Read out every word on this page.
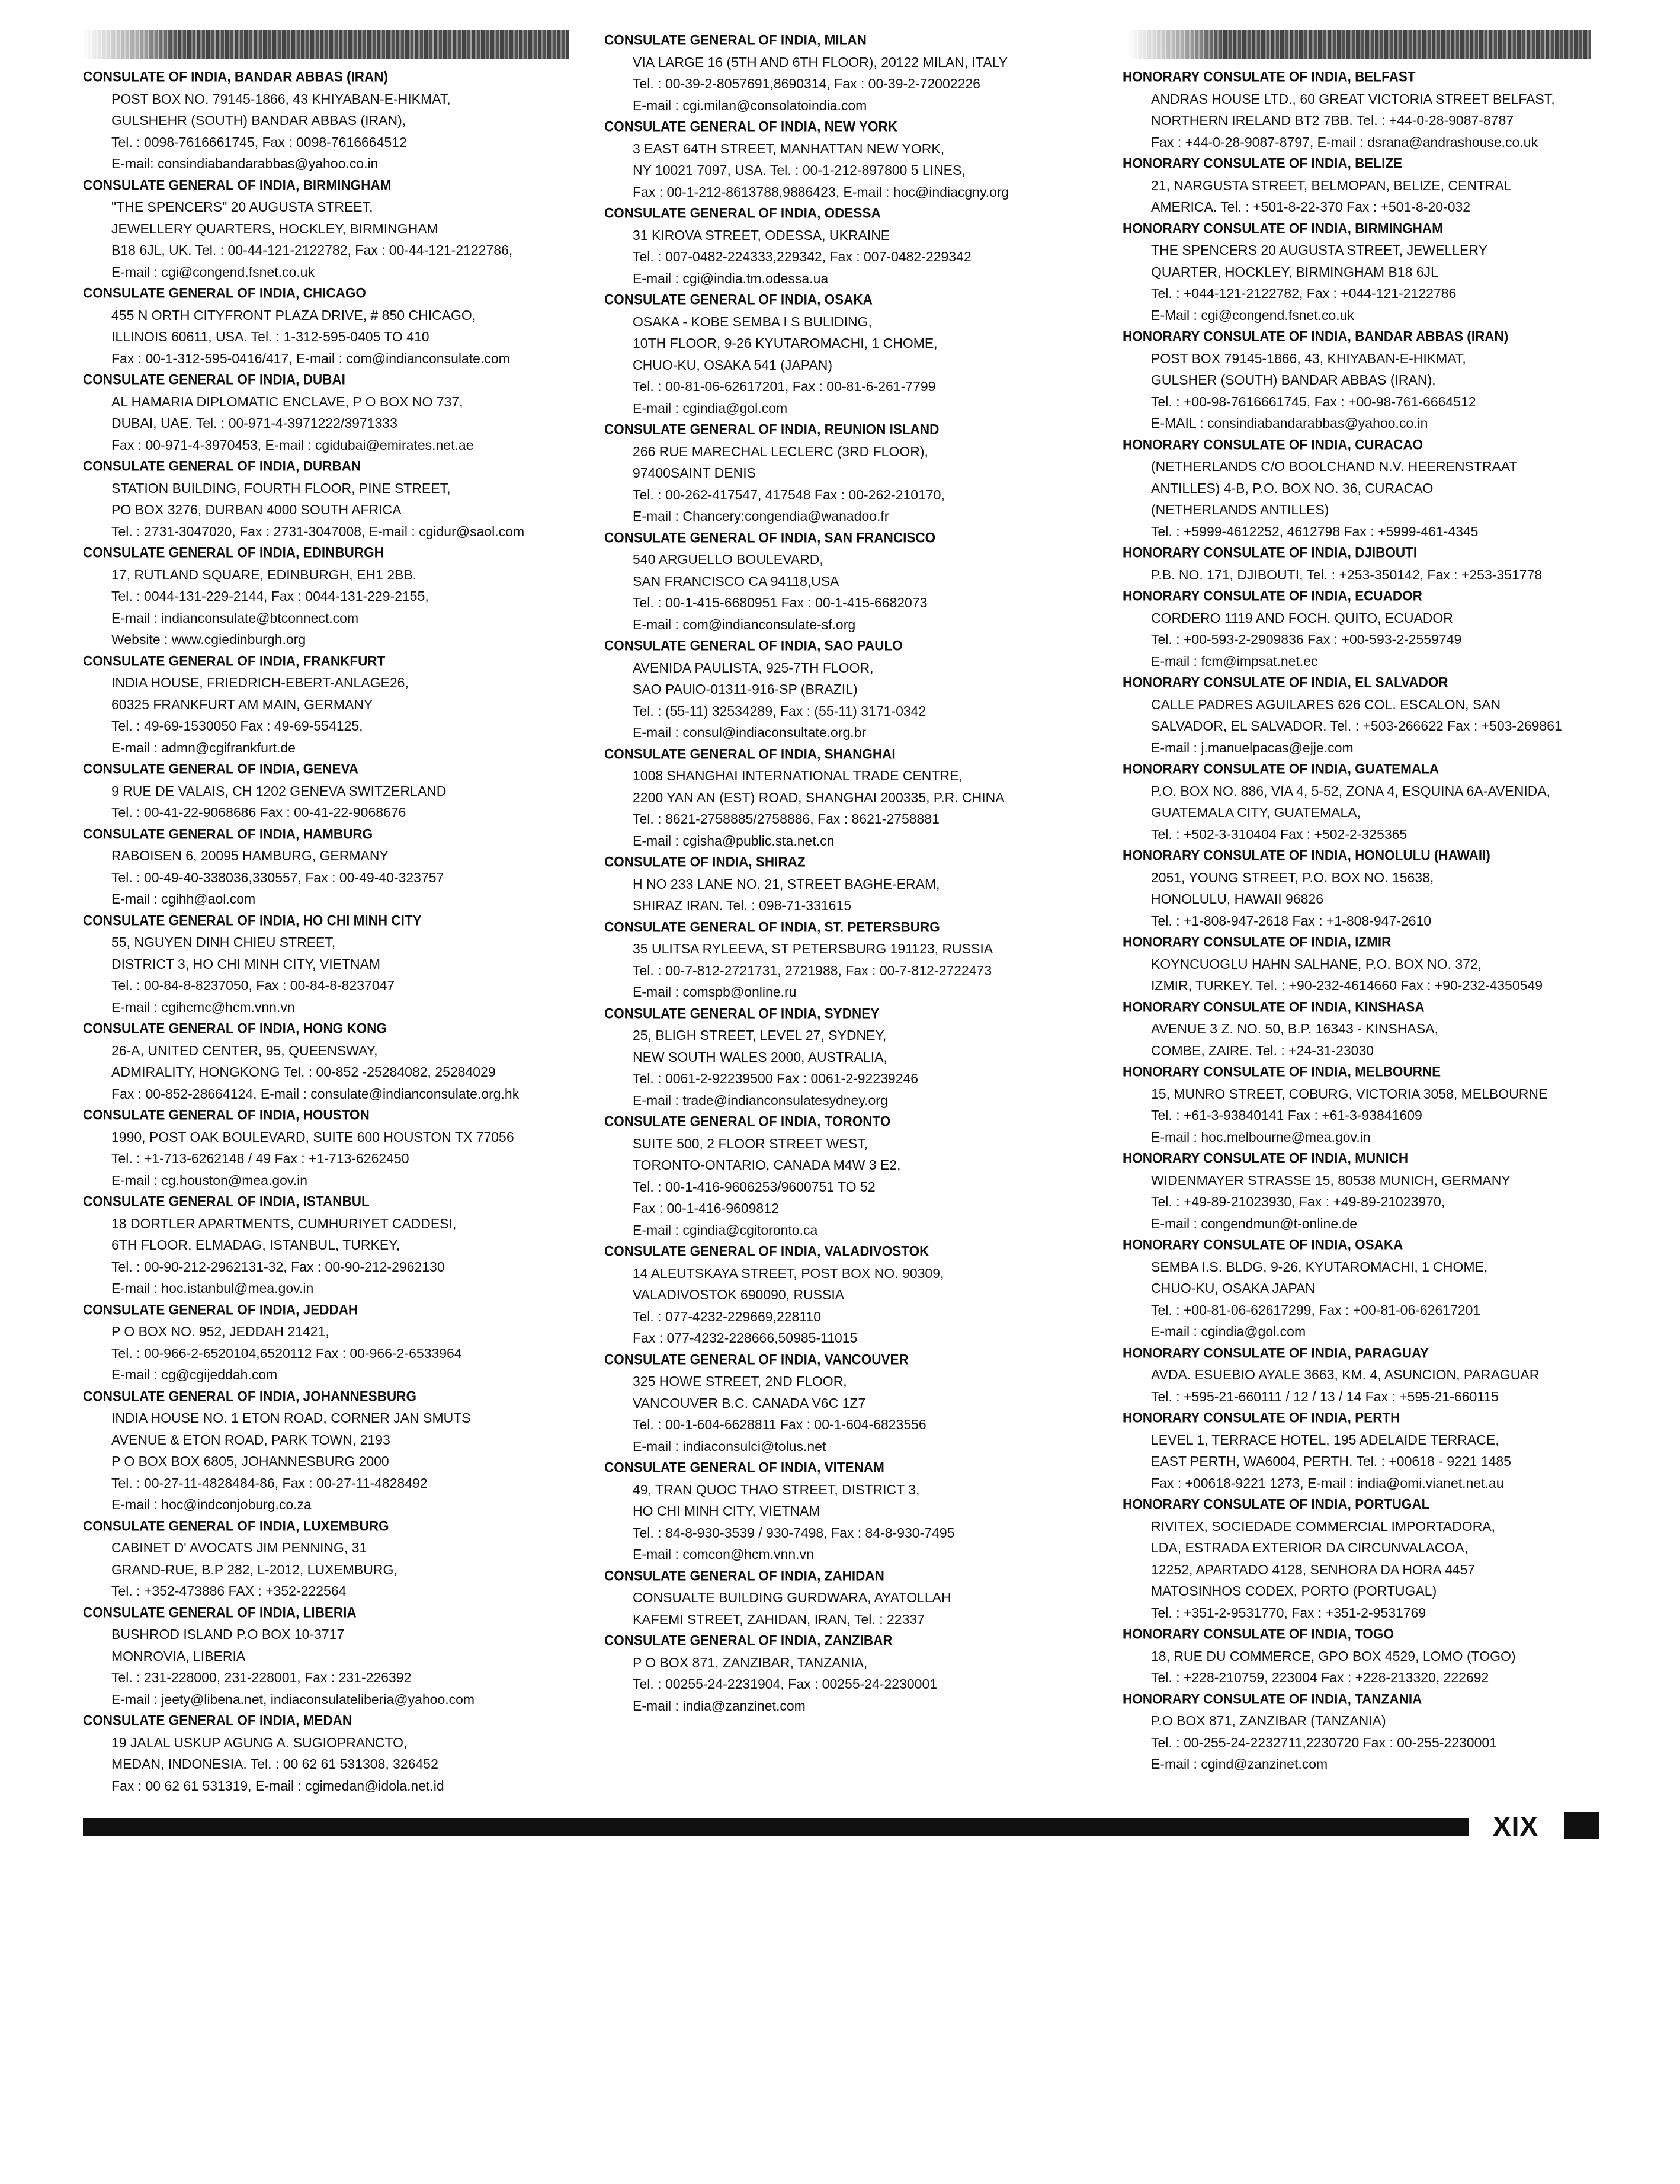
CONSULATE OF INDIA, BANDAR ABBAS (IRAN)
POST BOX NO. 79145-1866, 43 KHIYABAN-E-HIKMAT,
GULSHEHR (SOUTH) BANDAR ABBAS (IRAN),
Tel. : 0098-7616661745, Fax : 0098-7616664512
E-mail: consindiabandarabbas@yahoo.co.in
CONSULATE GENERAL OF INDIA, BIRMINGHAM
"THE SPENCERS" 20 AUGUSTA STREET,
JEWELLERY QUARTERS, HOCKLEY, BIRMINGHAM
B18 6JL, UK. Tel. : 00-44-121-2122782, Fax : 00-44-121-2122786,
E-mail : cgi@congend.fsnet.co.uk
CONSULATE GENERAL OF INDIA, CHICAGO
455 N ORTH CITYFRONT PLAZA DRIVE, # 850 CHICAGO,
ILLINOIS 60611, USA. Tel. : 1-312-595-0405 TO 410
Fax : 00-1-312-595-0416/417, E-mail : com@indianconsulate.com
CONSULATE GENERAL OF INDIA, DUBAI
AL HAMARIA DIPLOMATIC ENCLAVE, P O BOX NO 737,
DUBAI, UAE. Tel. : 00-971-4-3971222/3971333
Fax : 00-971-4-3970453, E-mail : cgidubai@emirates.net.ae
CONSULATE GENERAL OF INDIA, DURBAN
STATION BUILDING, FOURTH FLOOR, PINE STREET,
PO BOX 3276, DURBAN 4000 SOUTH AFRICA
Tel. : 2731-3047020, Fax : 2731-3047008, E-mail : cgidur@saol.com
CONSULATE GENERAL OF INDIA, EDINBURGH
17, RUTLAND SQUARE, EDINBURGH, EH1 2BB.
Tel. : 0044-131-229-2144, Fax : 0044-131-229-2155,
E-mail : indianconsulate@btconnect.com
Website : www.cgiedinburgh.org
CONSULATE GENERAL OF INDIA, FRANKFURT
INDIA HOUSE, FRIEDRICH-EBERT-ANLAGE26,
60325 FRANKFURT AM MAIN, GERMANY
Tel. : 49-69-1530050 Fax : 49-69-554125,
E-mail : admn@cgifrankfurt.de
CONSULATE GENERAL OF INDIA, GENEVA
9 RUE DE VALAIS, CH 1202 GENEVA SWITZERLAND
Tel. : 00-41-22-9068686 Fax : 00-41-22-9068676
CONSULATE GENERAL OF INDIA, HAMBURG
RABOISEN 6, 20095 HAMBURG, GERMANY
Tel. : 00-49-40-338036,330557, Fax : 00-49-40-323757
E-mail : cgihh@aol.com
CONSULATE GENERAL OF INDIA, HO CHI MINH CITY
55, NGUYEN DINH CHIEU STREET,
DISTRICT 3, HO CHI MINH CITY, VIETNAM
Tel. : 00-84-8-8237050, Fax : 00-84-8-8237047
E-mail : cgihcmc@hcm.vnn.vn
CONSULATE GENERAL OF INDIA, HONG KONG
26-A, UNITED CENTER, 95, QUEENSWAY,
ADMIRALITY, HONGKONG Tel. : 00-852 -25284082, 25284029
Fax : 00-852-28664124, E-mail : consulate@indianconsulate.org.hk
CONSULATE GENERAL OF INDIA, HOUSTON
1990, POST OAK BOULEVARD, SUITE 600 HOUSTON TX 77056
Tel. : +1-713-6262148 / 49 Fax : +1-713-6262450
E-mail : cg.houston@mea.gov.in
CONSULATE GENERAL OF INDIA, ISTANBUL
18 DORTLER APARTMENTS, CUMHURIYET CADDESI,
6TH FLOOR, ELMADAG, ISTANBUL, TURKEY,
Tel. : 00-90-212-2962131-32, Fax : 00-90-212-2962130
E-mail : hoc.istanbul@mea.gov.in
CONSULATE GENERAL OF INDIA, JEDDAH
P O BOX NO. 952, JEDDAH 21421,
Tel. : 00-966-2-6520104,6520112 Fax : 00-966-2-6533964
E-mail : cg@cgijeddah.com
CONSULATE GENERAL OF INDIA, JOHANNESBURG
INDIA HOUSE NO. 1 ETON ROAD, CORNER JAN SMUTS
AVENUE & ETON ROAD, PARK TOWN, 2193
P O BOX BOX 6805, JOHANNESBURG 2000
Tel. : 00-27-11-4828484-86, Fax : 00-27-11-4828492
E-mail : hoc@indconjoburg.co.za
CONSULATE GENERAL OF INDIA, LUXEMBURG
CABINET D' AVOCATS JIM PENNING, 31
GRAND-RUE, B.P 282, L-2012, LUXEMBURG,
Tel. : +352-473886 FAX : +352-222564
CONSULATE GENERAL OF INDIA, LIBERIA
BUSHROD ISLAND P.O BOX 10-3717
MONROVIA, LIBERIA
Tel. : 231-228000, 231-228001, Fax : 231-226392
E-mail : jeety@libena.net, indiaconsulateliberia@yahoo.com
CONSULATE GENERAL OF INDIA, MEDAN
19 JALAL USKUP AGUNG A. SUGIOPRANCTO,
MEDAN, INDONESIA. Tel. : 00 62 61 531308, 326452
Fax : 00 62 61 531319, E-mail : cgimedan@idola.net.id
CONSULATE GENERAL OF INDIA, MILAN
VIA LARGE 16 (5TH AND 6TH FLOOR), 20122 MILAN, ITALY
Tel. : 00-39-2-8057691,8690314, Fax : 00-39-2-72002226
E-mail : cgi.milan@consolatoindia.com
CONSULATE GENERAL OF INDIA, NEW YORK
3 EAST 64TH STREET, MANHATTAN NEW YORK,
NY 10021 7097, USA. Tel. : 00-1-212-897800 5 LINES,
Fax : 00-1-212-8613788,9886423, E-mail : hoc@indiacgny.org
CONSULATE GENERAL OF INDIA, ODESSA
31 KIROVA STREET, ODESSA, UKRAINE
Tel. : 007-0482-224333,229342, Fax : 007-0482-229342
E-mail : cgi@india.tm.odessa.ua
CONSULATE GENERAL OF INDIA, OSAKA
OSAKA - KOBE SEMBA I S BULIDING,
10TH FLOOR, 9-26 KYUTAROMACHI, 1 CHOME,
CHUO-KU, OSAKA 541 (JAPAN)
Tel. : 00-81-06-62617201, Fax : 00-81-6-261-7799
E-mail : cgindia@gol.com
CONSULATE GENERAL OF INDIA, REUNION ISLAND
266 RUE MARECHAL LECLERC (3RD FLOOR),
97400SAINT DENIS
Tel. : 00-262-417547, 417548 Fax : 00-262-210170,
E-mail : Chancery:congendia@wanadoo.fr
CONSULATE GENERAL OF INDIA, SAN FRANCISCO
540 ARGUELLO BOULEVARD,
SAN FRANCISCO CA 94118,USA
Tel. : 00-1-415-6680951 Fax : 00-1-415-6682073
E-mail : com@indianconsulate-sf.org
CONSULATE GENERAL OF INDIA, SAO PAULO
AVENIDA PAULISTA, 925-7TH FLOOR,
SAO PAUlO-01311-916-SP (BRAZIL)
Tel. : (55-11) 32534289, Fax : (55-11) 3171-0342
E-mail : consul@indiaconsultate.org.br
CONSULATE GENERAL OF INDIA, SHANGHAI
1008 SHANGHAI INTERNATIONAL TRADE CENTRE,
2200 YAN AN (EST) ROAD, SHANGHAI 200335, P.R. CHINA
Tel. : 8621-2758885/2758886, Fax : 8621-2758881
E-mail : cgisha@public.sta.net.cn
CONSULATE OF INDIA, SHIRAZ
H NO 233 LANE NO. 21, STREET BAGHE-ERAM,
SHIRAZ IRAN. Tel. : 098-71-331615
CONSULATE GENERAL OF INDIA, ST. PETERSBURG
35 ULITSA RYLEEVA, ST PETERSBURG 191123, RUSSIA
Tel. : 00-7-812-2721731, 2721988, Fax : 00-7-812-2722473
E-mail : comspb@online.ru
CONSULATE GENERAL OF INDIA, SYDNEY
25, BLIGH STREET, LEVEL 27, SYDNEY,
NEW SOUTH WALES 2000, AUSTRALIA,
Tel. : 0061-2-92239500 Fax : 0061-2-92239246
E-mail : trade@indianconsulatesydney.org
CONSULATE GENERAL OF INDIA, TORONTO
SUITE 500, 2 FLOOR STREET WEST,
TORONTO-ONTARIO, CANADA M4W 3 E2,
Tel. : 00-1-416-9606253/9600751 TO 52
Fax : 00-1-416-9609812
E-mail : cgindia@cgitoronto.ca
CONSULATE GENERAL OF INDIA, VALADIVOSTOK
14 ALEUTSKAYA STREET, POST BOX NO. 90309,
VALADIVOSTOK 690090, RUSSIA
Tel. : 077-4232-229669,228110
Fax : 077-4232-228666,50985-11015
CONSULATE GENERAL OF INDIA, VANCOUVER
325 HOWE STREET, 2ND FLOOR,
VANCOUVER B.C. CANADA V6C 1Z7
Tel. : 00-1-604-6628811 Fax : 00-1-604-6823556
E-mail : indiaconsulci@tolus.net
CONSULATE GENERAL OF INDIA, VITENAM
49, TRAN QUOC THAO STREET, DISTRICT 3,
HO CHI MINH CITY, VIETNAM
Tel. : 84-8-930-3539 / 930-7498, Fax : 84-8-930-7495
E-mail : comcon@hcm.vnn.vn
CONSULATE GENERAL OF INDIA, ZAHIDAN
CONSUALTE BUILDING GURDWARA, AYATOLLAH
KAFEMI STREET, ZAHIDAN, IRAN, Tel. : 22337
CONSULATE GENERAL OF INDIA, ZANZIBAR
P O BOX 871, ZANZIBAR, TANZANIA,
Tel. : 00255-24-2231904, Fax : 00255-24-2230001
E-mail : india@zanzinet.com
HONORARY CONSULATE OF INDIA, BELFAST
ANDRAS HOUSE LTD., 60 GREAT VICTORIA STREET BELFAST,
NORTHERN IRELAND BT2 7BB. Tel. : +44-0-28-9087-8787
Fax : +44-0-28-9087-8797, E-mail : dsrana@andrashouse.co.uk
HONORARY CONSULATE OF INDIA, BELIZE
21, NARGUSTA STREET, BELMOPAN, BELIZE, CENTRAL
AMERICA. Tel. : +501-8-22-370 Fax : +501-8-20-032
HONORARY CONSULATE OF INDIA, BIRMINGHAM
THE SPENCERS 20 AUGUSTA STREET, JEWELLERY
QUARTER, HOCKLEY, BIRMINGHAM B18 6JL
Tel. : +044-121-2122782, Fax : +044-121-2122786
E-Mail : cgi@congend.fsnet.co.uk
HONORARY CONSULATE OF INDIA, BANDAR ABBAS (IRAN)
POST BOX 79145-1866, 43, KHIYABAN-E-HIKMAT,
GULSHER (SOUTH) BANDAR ABBAS (IRAN),
Tel. : +00-98-7616661745, Fax : +00-98-761-6664512
E-MAIL : consindiabandarabbas@yahoo.co.in
HONORARY CONSULATE OF INDIA, CURACAO
(NETHERLANDS C/O BOOLCHAND N.V. HEERENSTRAAT
ANTILLES) 4-B, P.O. BOX NO. 36, CURACAO
(NETHERLANDS ANTILLES)
Tel. : +5999-4612252, 4612798 Fax : +5999-461-4345
HONORARY CONSULATE OF INDIA, DJIBOUTI
P.B. NO. 171, DJIBOUTI, Tel. : +253-350142, Fax : +253-351778
HONORARY CONSULATE OF INDIA, ECUADOR
CORDERO 1119 AND FOCH. QUITO, ECUADOR
Tel. : +00-593-2-2909836 Fax : +00-593-2-2559749
E-mail : fcm@impsat.net.ec
HONORARY CONSULATE OF INDIA, EL SALVADOR
CALLE PADRES AGUILARES 626 COL. ESCALON, SAN
SALVADOR, EL SALVADOR. Tel. : +503-266622 Fax : +503-269861
E-mail : j.manuelpacas@ejje.com
HONORARY CONSULATE OF INDIA, GUATEMALA
P.O. BOX NO. 886, VIA 4, 5-52, ZONA 4, ESQUINA 6A-AVENIDA,
GUATEMALA CITY, GUATEMALA,
Tel. : +502-3-310404 Fax : +502-2-325365
HONORARY CONSULATE OF INDIA, HONOLULU (HAWAII)
2051, YOUNG STREET, P.O. BOX NO. 15638,
HONOLULU, HAWAII 96826
Tel. : +1-808-947-2618 Fax : +1-808-947-2610
HONORARY CONSULATE OF INDIA, IZMIR
KOYNCUOGLU HAHN SALHANE, P.O. BOX NO. 372,
IZMIR, TURKEY. Tel. : +90-232-4614660 Fax : +90-232-4350549
HONORARY CONSULATE OF INDIA, KINSHASA
AVENUE 3 Z. NO. 50, B.P. 16343 - KINSHASA,
COMBE, ZAIRE. Tel. : +24-31-23030
HONORARY CONSULATE OF INDIA, MELBOURNE
15, MUNRO STREET, COBURG, VICTORIA 3058, MELBOURNE
Tel. : +61-3-93840141 Fax : +61-3-93841609
E-mail : hoc.melbourne@mea.gov.in
HONORARY CONSULATE OF INDIA, MUNICH
WIDENMAYER STRASSE 15, 80538 MUNICH, GERMANY
Tel. : +49-89-21023930, Fax : +49-89-21023970,
E-mail : congendmun@t-online.de
HONORARY CONSULATE OF INDIA, OSAKA
SEMBA I.S. BLDG, 9-26, KYUTAROMACHI, 1 CHOME,
CHUO-KU, OSAKA JAPAN
Tel. : +00-81-06-62617299, Fax : +00-81-06-62617201
E-mail : cgindia@gol.com
HONORARY CONSULATE OF INDIA, PARAGUAY
AVDA. ESUEBIO AYALE 3663, KM. 4, ASUNCION, PARAGUAR
Tel. : +595-21-660111 / 12 / 13 / 14 Fax : +595-21-660115
HONORARY CONSULATE OF INDIA, PERTH
LEVEL 1, TERRACE HOTEL, 195 ADELAIDE TERRACE,
EAST PERTH, WA6004, PERTH. Tel. : +00618 - 9221 1485
Fax : +00618-9221 1273, E-mail : india@omi.vianet.net.au
HONORARY CONSULATE OF INDIA, PORTUGAL
RIVITEX, SOCIEDADE COMMERCIAL IMPORTADORA,
LDA, ESTRADA EXTERIOR DA CIRCUNVALACOA,
12252, APARTADO 4128, SENHORA DA HORA 4457
MATOSINHOS CODEX, PORTO (PORTUGAL)
Tel. : +351-2-9531770, Fax : +351-2-9531769
HONORARY CONSULATE OF INDIA, TOGO
18, RUE DU COMMERCE, GPO BOX 4529, LOMO (TOGO)
Tel. : +228-210759, 223004 Fax : +228-213320, 222692
HONORARY CONSULATE OF INDIA, TANZANIA
P.O BOX 871, ZANZIBAR (TANZANIA)
Tel. : 00-255-24-2232711,2230720 Fax : 00-255-2230001
E-mail : cgind@zanzinet.com
XIX
